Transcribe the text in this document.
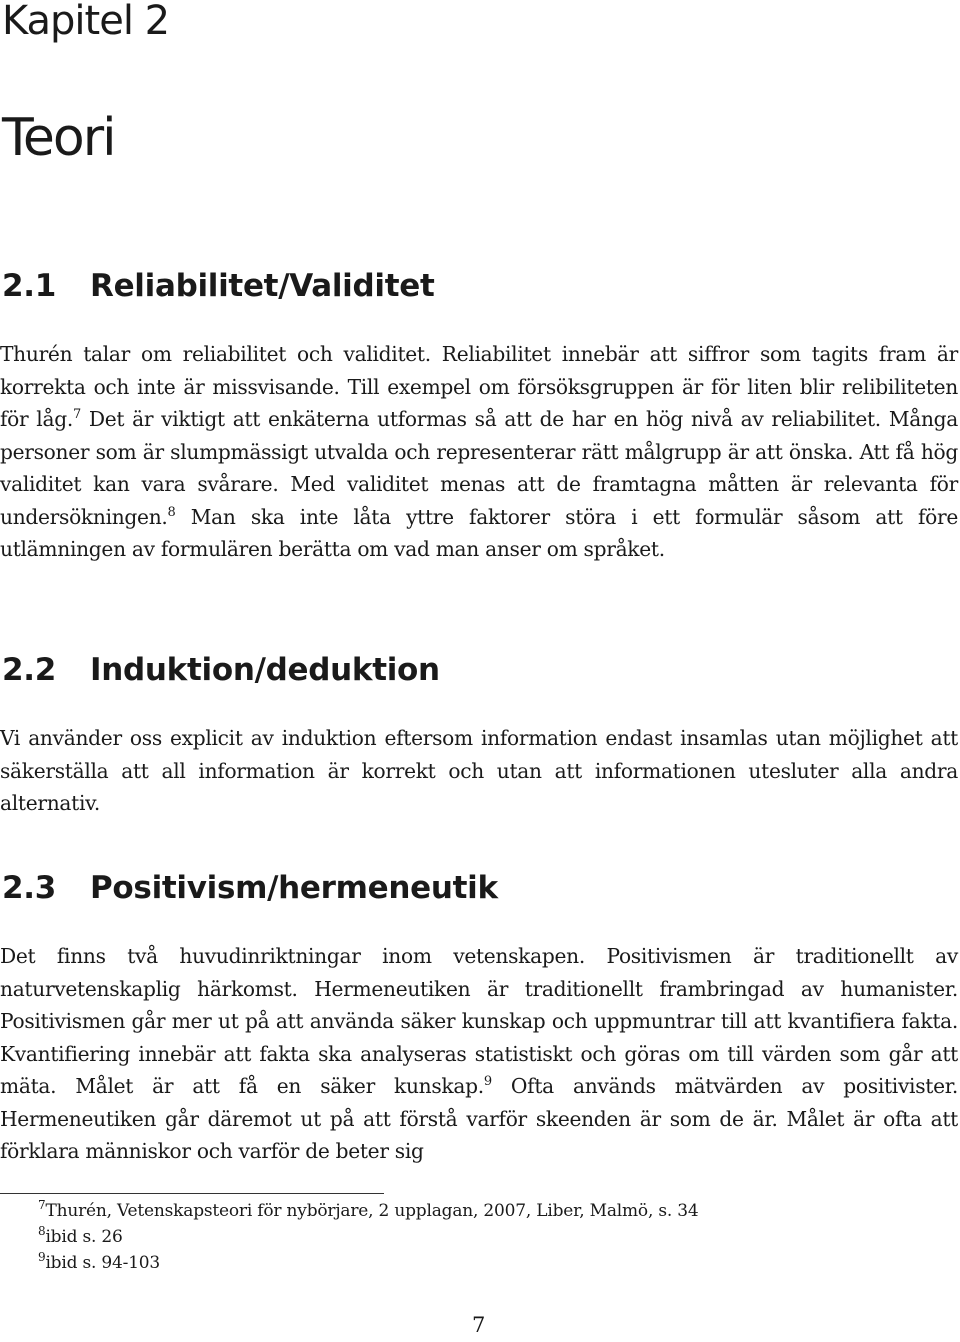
Kapitel 2
Teori
2.1 Reliabilitet/Validitet

Thurén talar om reliabilitet och validitet. Reliabilitet innebär att siffror som tagits fram är korrekta och inte är missvisande. Till exempel om försöksgruppen är för liten blir relibiliteten för låg.$^7$ Det är viktigt att enkäterna utformas så att de har en hög nivå av reliabilitet. Många personer som är slumpmässigt utvalda och representerar rätt målgrupp är att önska. Att få hög validitet kan vara svårare. Med validitet menas att de framtagna måtten är relevanta för undersökningen.$^8$ Man ska inte låta yttre faktorer störa i ett formulär såsom att före utlämningen av formulären berätta om vad man anser om språket.

2.2 Induktion/deduktion

Vi använder oss explicit av induktion eftersom information endast insamlas utan möjlighet att säkerställa att all information är korrekt och utan att informationen utesluter alla andra alternativ.

2.3 Positivism/hermeneutik

Det finns två huvudinriktningar inom vetenskapen. Positivismen är traditionellt av naturvetenskaplig härkomst. Hermeneutiken är traditionellt frambringad av humanister. Positivismen går mer ut på att använda säker kunskap och uppmuntrar till att kvantifiera fakta. Kvantifiering innebär att fakta ska analyseras statistiskt och göras om till värden som går att mäta. Målet är att få en säker kunskap.$^9$ Ofta används mätvärden av positivister. Hermeneutiken går däremot ut på att förstå varför skeenden är som de är. Målet är ofta att förklara människor och varför de beter sig

$^7$Thurén, Vetenskapsteori för nybörjare, 2 upplagan, 2007, Liber, Malmö, s. 34

$^8$ibid s. 26

$^9$ibid s. 94-103

7
